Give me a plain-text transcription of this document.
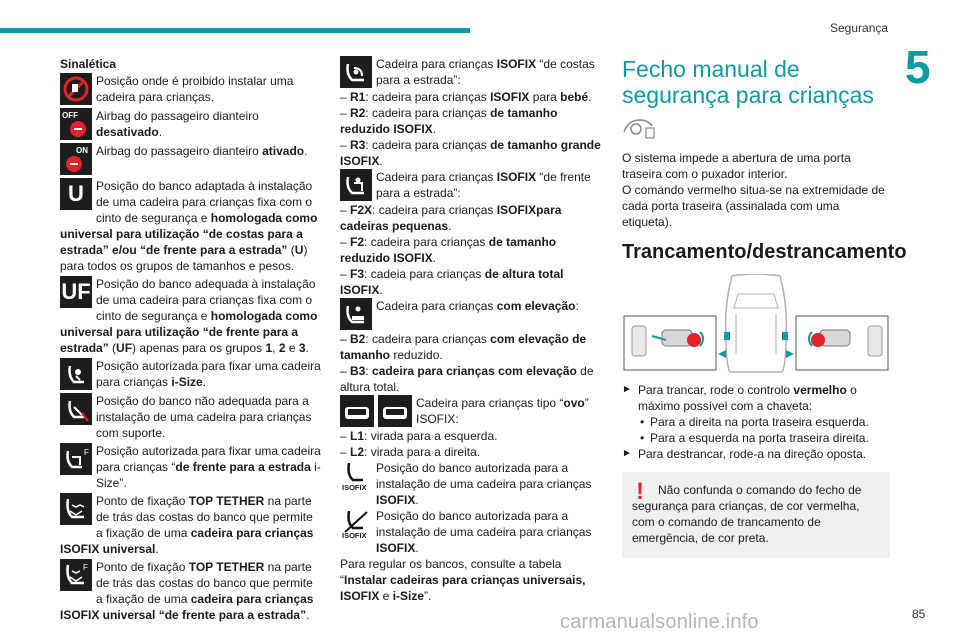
Segurança
5
85
carmanualsonline.info

Sinalética

Posição onde é proibido instalar uma cadeira para crianças.

OFF	Airbag do passageiro dianteiro desativado.

ON Airbag do passageiro dianteiro ativado.

U	Posição do banco adaptada à instalação de uma cadeira para crianças fixa com o cinto de segurança e homologada como universal para utilização “de costas para a estrada” e/ou “de frente para a estrada” (U) para todos os grupos de tamanhos e pesos.

UF Posição do banco adequada à instalação de uma cadeira para crianças fixa com o cinto de segurança e homologada como universal para utilização “de frente para a estrada” (UF) apenas para os grupos 1, 2 e 3.

Posição autorizada para fixar uma cadeira para crianças i-Size.

Posição do banco não adequada para a instalação de uma cadeira para crianças com suporte.

F Posição autorizada para fixar uma cadeira para crianças “de frente para a estrada i-Size”.

Ponto de fixação TOP TETHER na parte de trás das costas do banco que permite a fixação de uma cadeira para crianças ISOFIX universal.

F Ponto de fixação TOP TETHER na parte de trás das costas do banco que permite a fixação de uma cadeira para crianças ISOFIX universal “de frente para a estrada”.

Cadeira para crianças ISOFIX “de costas para a estrada”:

– R1: cadeira para crianças ISOFIX para bebé.

– R2: cadeira para crianças de tamanho reduzido ISOFIX.

– R3: cadeira para crianças de tamanho grande ISOFIX.

Cadeira para crianças ISOFIX “de frente para a estrada”:

– F2X: cadeira para crianças ISOFIXpara cadeiras pequenas.

– F2: cadeira para crianças de tamanho reduzido ISOFIX.

– F3: cadeia para crianças de altura total ISOFIX.

Cadeira para crianças com elevação:

– B2: cadeira para crianças com elevação de tamanho reduzido.

– B3: cadeira para crianças com elevação de altura total.

Cadeira para crianças tipo “ovo” ISOFIX:

– L1: virada para a esquerda.

– L2: virada para a direita.

ISOFIX

Posição do banco autorizada para a instalação de uma cadeira para crianças ISOFIX.

ISOFIX

Posição do banco autorizada para a instalação de uma cadeira para crianças ISOFIX.

Para regular os bancos, consulte a tabela “Instalar cadeiras para crianças universais, ISOFIX e i-Size”.

Fecho manual de segurança para crianças

O sistema impede a abertura de uma porta traseira com o puxador interior.

O comando vermelho situa-se na extremidade de cada porta traseira (assinalada com uma etiqueta).

Trancamento/destrancamento

► Para trancar, rode o controlo vermelho o máximo possível com a chaveta:

• Para a direita na porta traseira esquerda.

• Para a esquerda na porta traseira direita.

► Para destrancar, rode-a na direção oposta.

!	Não confunda o comando do fecho de segurança para crianças, de cor vermelha, com o comando de trancamento de emergência, de cor preta.
